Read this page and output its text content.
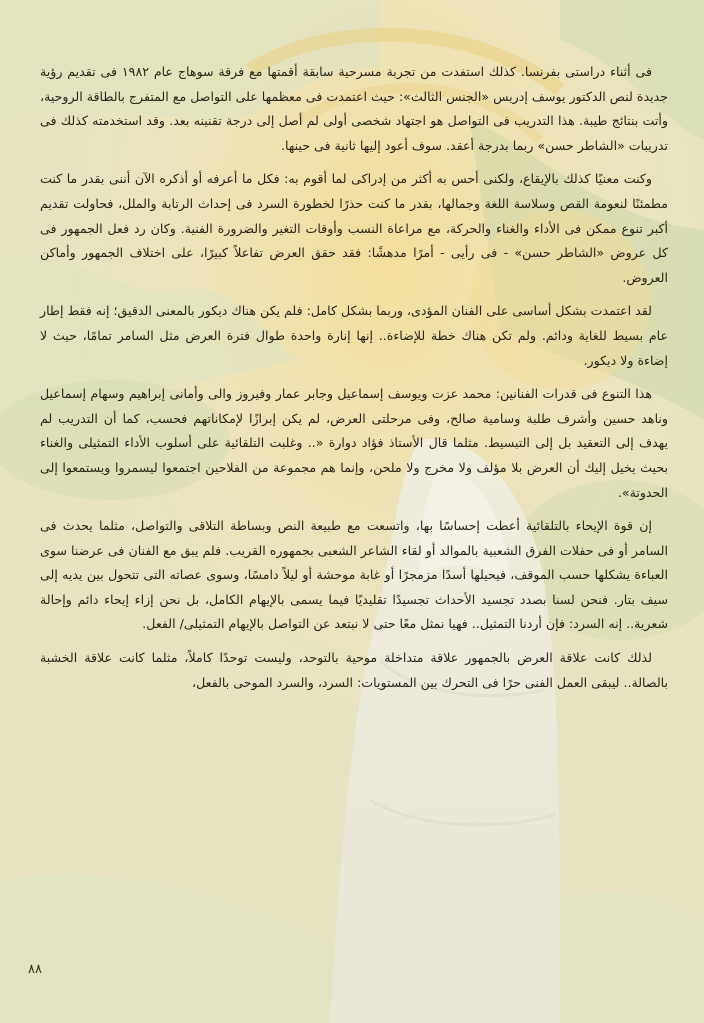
فى أثناء دراستى بفرنسا. كذلك استفدت من تجربة مسرحية سابقة أقمتها مع فرقة سوهاج عام ١٩٨٢ فى تقديم رؤية جديدة لنص الدكتور يوسف إدريس «الجنس الثالث»: حيث اعتمدت فى معظمها على التواصل مع المتفرج بالطاقة الروحية، وأتت بنتائج طيبة. هذا التدريب فى التواصل هو اجتهاد شخصى أولى لم أصل إلى درجة تقنينه بعد. وقد استخدمته كذلك فى تدريبات «الشاطر حسن» ربما بدرجة أعقد. سوف أعود إليها ثانية فى حينها.

وكنت معنيًا كذلك بالإيقاع، ولكنى أحس به أكثر من إدراكى لما أقوم به: فكل ما أعرفه أو أذكره الآن أننى بقدر ما كنت مطمئنًا لنعومة القص وسلاسة اللغة وجمالها، بقدر ما كنت حذرًا لخطورة السرد فى إحداث الرتابة والملل، فحاولت تقديم أكبر تنوع ممكن فى الأداء والغناء والحركة، مع مراعاة النسب وأوقات التغير والضرورة الفنية. وكان رد فعل الجمهور فى كل عروض «الشاطر حسن» - فى رأيى - أمرًا مدهشًا: فقد حقق العرض تفاعلاً كبيرًا، على اختلاف الجمهور وأماكن العروض.

لقد اعتمدت بشكل أساسى على الفنان المؤدى، وربما بشكل كامل: فلم يكن هناك ديكور بالمعنى الدقيق؛ إنه فقط إطار عام بسيط للغاية ودائم. ولم تكن هناك خطة للإضاءة.. إنها إنارة واحدة طوال فترة العرض مثل السامر تمامًا، حيث لا إضاءة ولا ديكور.

هذا التنوع فى قدرات الفنانين: محمد عزت ويوسف إسماعيل وجابر عمار وفيروز والى وأمانى إبراهيم وسهام إسماعيل وناهد حسين وأشرف طلبة وسامية صالح، وفى مرحلتى العرض، لم يكن إبرازًا لإمكاناتهم فحسب، كما أن التدريب لم يهدف إلى التعقيد بل إلى التبسيط. مثلما قال الأستاذ فؤاد دوارة «.. وغلبت التلقائية على أسلوب الأداء التمثيلى والغناء بحيث يخيل إليك أن العرض بلا مؤلف ولا مخرج ولا ملحن، وإنما هم مجموعة من الفلاحين اجتمعوا ليسمروا ويستمعوا إلى الحدوتة».

إن قوة الإيحاء بالتلقائية أعطت إحساسًا بها، واتسعت مع طبيعة النص وبساطة التلاقى والتواصل، مثلما يحدث فى السامر أو فى حفلات الفرق الشعبية بالموالد أو لقاء الشاعر الشعبى بجمهوره القريب. فلم يبق مع الفنان فى عرضنا سوى العباءة يشكلها حسب الموقف، فيحيلها أسدًا مزمجرًا أو غابة موحشة أو ليلاً دامسًا، وسوى عصاته التى تتحول بين يديه إلى سيف بتار. فنحن لسنا بصدد تجسيد الأحداث تجسيدًا تقليديًا فيما يسمى بالإيهام الكامل، بل نحن إزاء إيحاء دائم وإحالة شعرية.. إنه السرد: فإن أردنا التمثيل.. فهيا نمثل معًا حتى لا نبتعد عن التواصل بالإيهام التمثيلى/ الفعل.

لذلك كانت علاقة العرض بالجمهور علاقة متداخلة موحية بالتوحد، وليست توحدًا كاملاً، مثلما كانت علاقة الخشبة بالصالة.. ليبقى العمل الفنى حرًا فى التحرك بين المستويات: السرد، والسرد الموحى بالفعل،

٨٨
